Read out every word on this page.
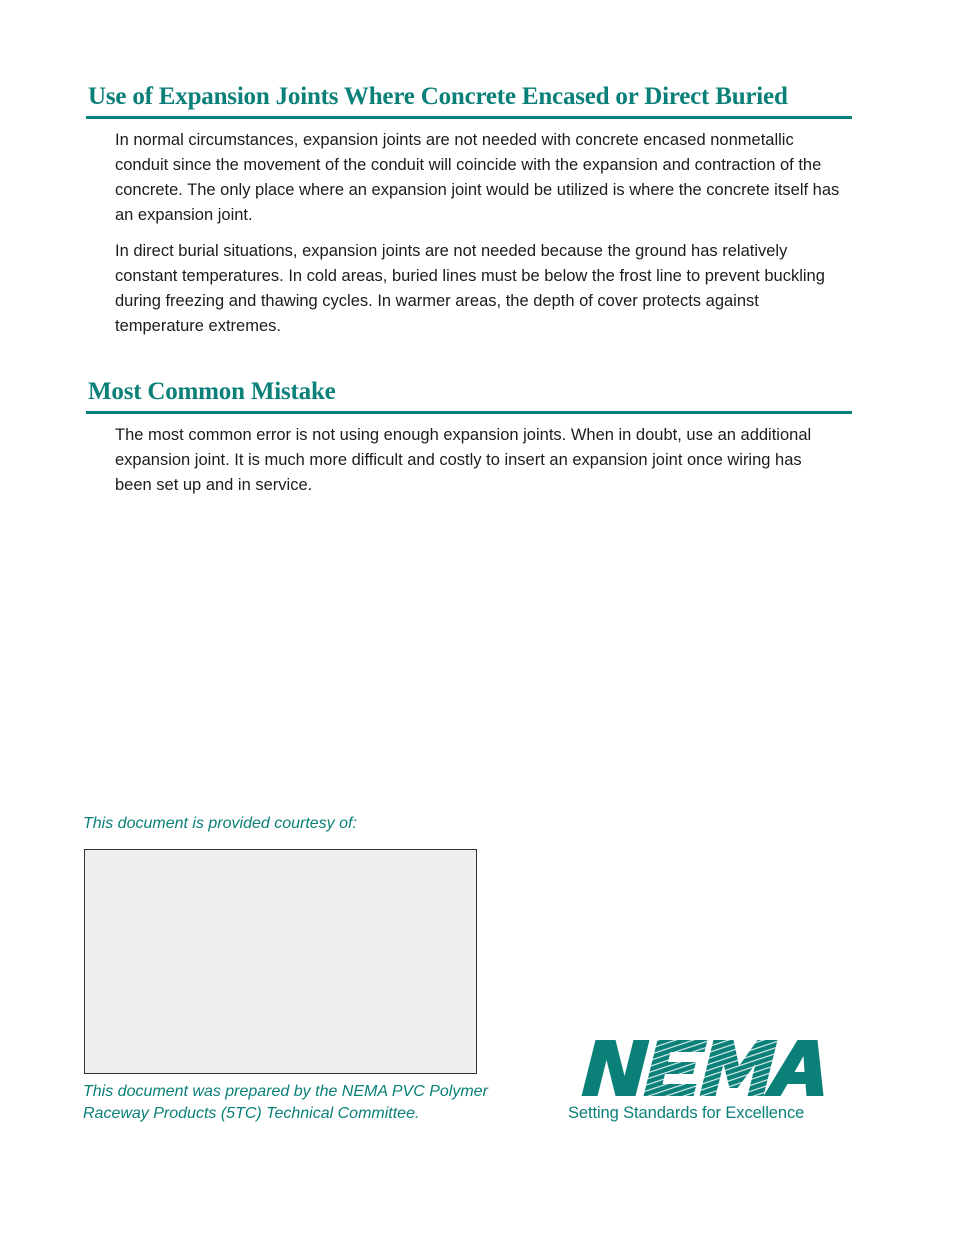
Use of Expansion Joints Where Concrete Encased or Direct Buried

In normal circumstances, expansion joints are not needed with concrete encased nonmetallic conduit since the movement of the conduit will coincide with the expansion and contraction of the concrete. The only place where an expansion joint would be utilized is where the concrete itself has an expansion joint.

In direct burial situations, expansion joints are not needed because the ground has relatively constant temperatures. In cold areas, buried lines must be below the frost line to prevent buckling during freezing and thawing cycles. In warmer areas, the depth of cover protects against temperature extremes.

Most Common Mistake

The most common error is not using enough expansion joints. When in doubt, use an additional expansion joint. It is much more difficult and costly to insert an expansion joint once wiring has been set up and in service.

This document is provided courtesy of:

This document was prepared by the NEMA PVC Polymer Raceway Products (5TC) Technical Committee.	Setting Standards for Excellence
